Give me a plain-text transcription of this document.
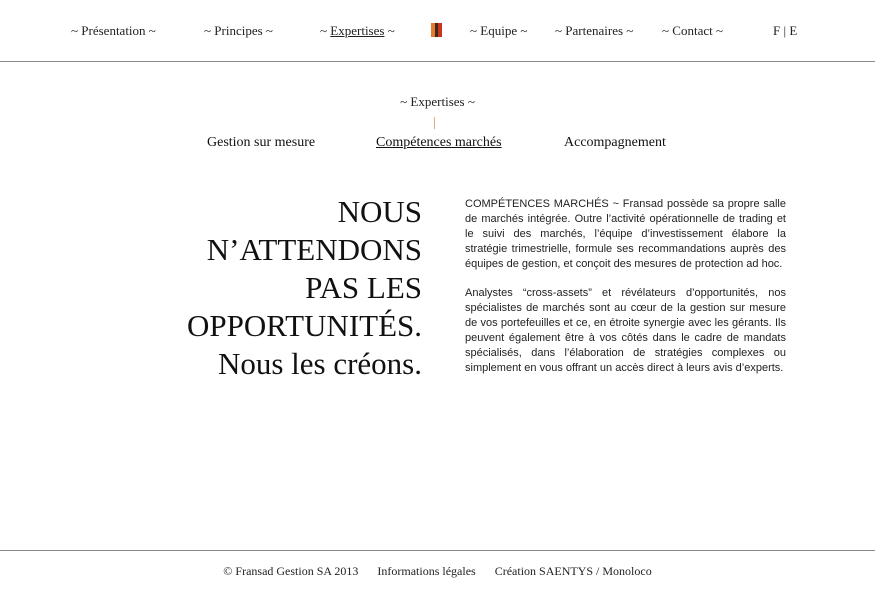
~ Présentation ~	~ Principes ~	~ Expertises ~	~ Equipe ~ ~ Partenaires ~ ~ Contact ~	F | E
~ Expertises ~
Gestion sur mesure	Compétences marchés	Accompagnement
NOUS
N’ATTENDONS
PAS LES
OPPORTUNITÉS.
Nous les créons.

COMPÉTENCES MARCHÉS ~ Fransad possède sa propre salle de marchés intégrée. Outre l’activité opérationnelle de trading et le suivi des marchés, l’équipe d’investissement élabore la stratégie trimestrielle, formule ses recommandations auprès des équipes de gestion, et conçoit des mesures de protection ad hoc.

Analystes “cross-assets” et révélateurs d’opportunités, nos spécialistes de marchés sont au cœur de la gestion sur mesure de vos portefeuilles et ce, en étroite synergie avec les gérants. Ils peuvent également être à vos côtés dans le cadre de mandats spécialisés, dans l’élaboration de stratégies complexes ou simplement en vous offrant un accès direct à leurs avis d’experts.

© Fransad Gestion SA 2013 Informations légales Création SAENTYS / Monoloco
